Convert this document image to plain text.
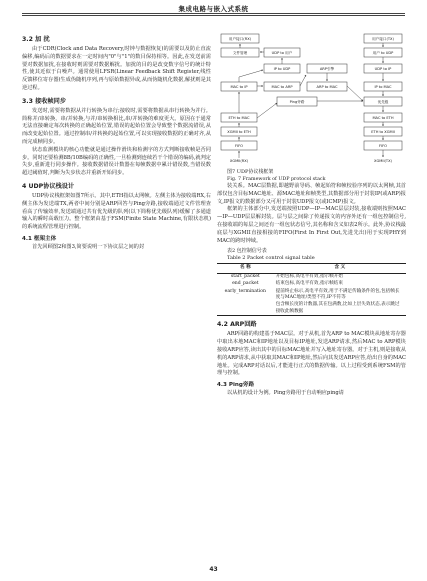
集成电路与嵌入式系统
3.2 加 扰

由于CDR(Clock and Data Recovery,时钟与数据恢复)的需要以及防止直流偏移,编码后的数据要求在一定时间内"0"与"1"的数目保持相等。因此,在发送前需要对数据加扰,在接收时则需要对数据解扰。加扰的目的是改变数字信号的统计特性,使其近似于白噪声。通常使用LFSR(Linear Feedback Shift Register,线性反馈移位寄存器)生成伪随机序列,再与原始数据异或,从而伪随机化数据,解扰则是其逆过程。

3.3 接收帧同步

发送时,需要将数据从并行转换为串行;接收时,需要将数据从串行转换为并行。简称并/串转换、串/并转换,与并/串转换相比,串/并转换的难度更大。原因在于通常无法直接确定每次转换的正确起始位置,错误的起始位置会导致整个数据流错误,从而改变起始位置。通过控制串/并转换的起始位置,可以实现接收数据的正确对齐,从而完成帧同步。

状态监测模块的核心功能就是通过操作滑块和检测字的方式判断接收帧是否同步。同时还要检测8B/10B编码的正确性,一旦检测到连续若干个错误的编码,就判定失步,重新进行同步操作。接收数据错误计数器在每帧数据中累计错误数,当错误数超过阈值时,判断为失步状态并重新开始同步。

4 UDP协议栈设计

UDP协议栈框架如图7所示。其中,ETH指以太网帧。左侧主体为接收端RX,右侧主体为发送端TX,两者中间分别是ARP回答与Ping旁路,接收端通过文件管理查看高了传输效率,发送端通过共有优先级的队列(以下简称优先级队列)缓解了多通道输入的瞬时高载压力。整个框架由基于FSM(Finite State Machine,有限状态机)的系统流程管理进行控制。

4.1 框架主体

首先回顾图2和图3,简要说明一下协议层之间的封

用户接口(RX)	用户接口(TX)
文件管理	UDP to 用户	用户 to UDP
IP to UDP	ARP引擎	UDP to IP
MAC to IP	MAC to ARP	ARP to MAC	IP to MAC
Ping旁路	优先级
ETH to MAC	MAC to ETH
XGMII to ETH	ETH to XGMII
FIFO	FIFO
XGMII(RX)	XGMII(TX)

图7 UDP协议栈框架

Fig. 7 Framework of UDP protocol stack

装关系。MAC层数据,即越野前导码、帧起始符和帧校验序列的以太网帧,其首部仅包含目标MAC地址、源MAC地址和帧类型,其数据部分用于封装IP(或ARP)报文,IP报文的数据部分又可用于封装UDP报文(或ICMP)报文。

框架的主体部分中,发送端按照UDP—IP—MAC层层封装,接收端则按照MAC—IP—UDP层层解封装。层与层之间除了传递报文的内容外还有一组包控制信号,在接收端的每层之间还有一组包状态信号,其名称和含义如表2所示。此外,协议栈最底层与XGMII直接相接的FIFO(First In First Out,先进先出)用于实现PHY到MAC的跨时钟域。

表2 包控制信号表

Table 2 Packet control signal table

名 称	含 义
start_packet	开始包标,高电平有效,指示帧开始
end_packet	结束包标,高电平有效,指示帧结束
early_termination	提前终止标示,高电平有效,用于不满足传输条件的包,包括帧长度与MAC地址/类型不符,IP不符等
	包含帧长度的计数器,其在包满数,比如上层失效状态,表示跳过接收此帧数据
4.2 ARP回路

ARP回路的构建基于MAC层。对于从机,首先ARP to MAC模块从地址寄存器中取出本地MAC和IP地址以及目标IP地址,发送ARP请求,然后MAC to ARP模块接收ARP应答,读出其中的目标MAC地址并写入地址寄存器。对于主机,则是接收从机的ARP请求,从中获取其MAC和IP地址,然后向其发送ARP应答,给出自身的MAC地址。完成ARP对话以后,才能进行正式的数据传输。以上过程受到系统FSM的管理与控制。

4.3 Ping旁路

以从机的设计为例。Ping旁路用于自动响应ping请

43
